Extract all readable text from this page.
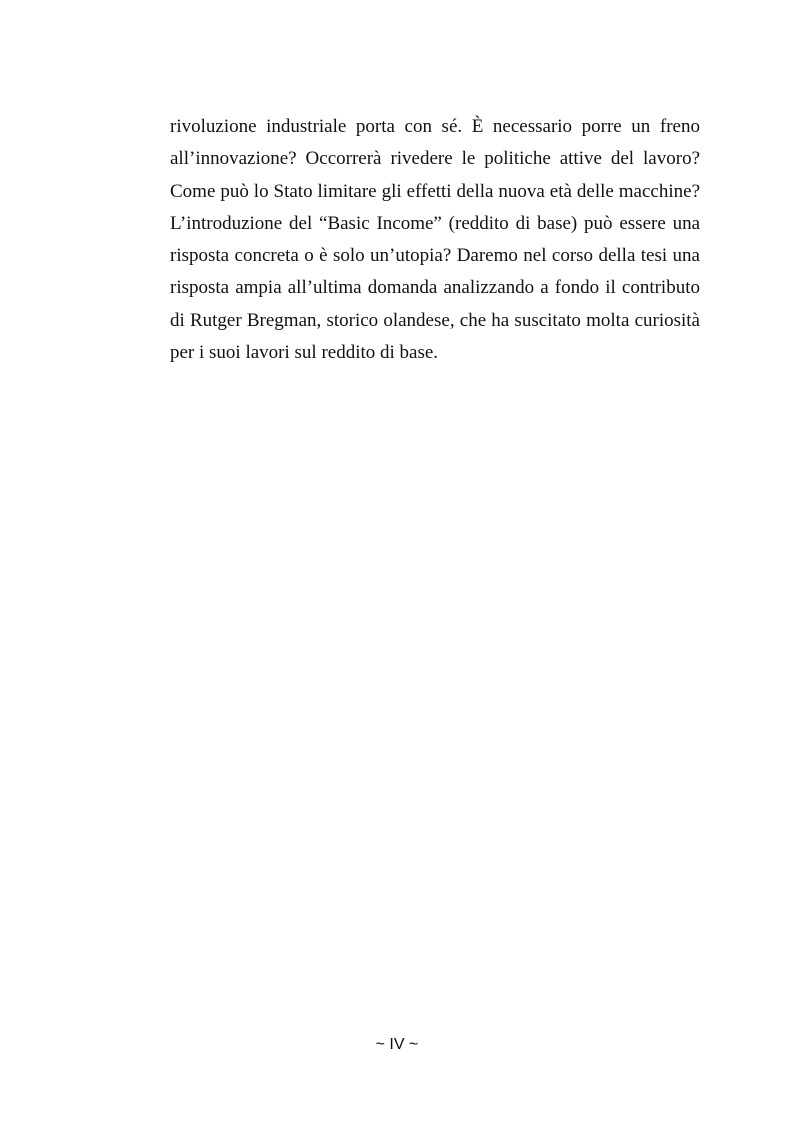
rivoluzione industriale porta con sé. È necessario porre un freno
all’innovazione? Occorrerà rivedere le politiche attive del lavoro?
Come può lo Stato limitare gli effetti della nuova età delle macchine?
L’introduzione del “Basic Income” (reddito di base) può essere una
risposta concreta o è solo un’utopia? Daremo nel corso della tesi una
risposta ampia all’ultima domanda analizzando a fondo il contributo
di Rutger Bregman, storico olandese, che ha suscitato molta curiosità
per i suoi lavori sul reddito di base.

~ IV ~
